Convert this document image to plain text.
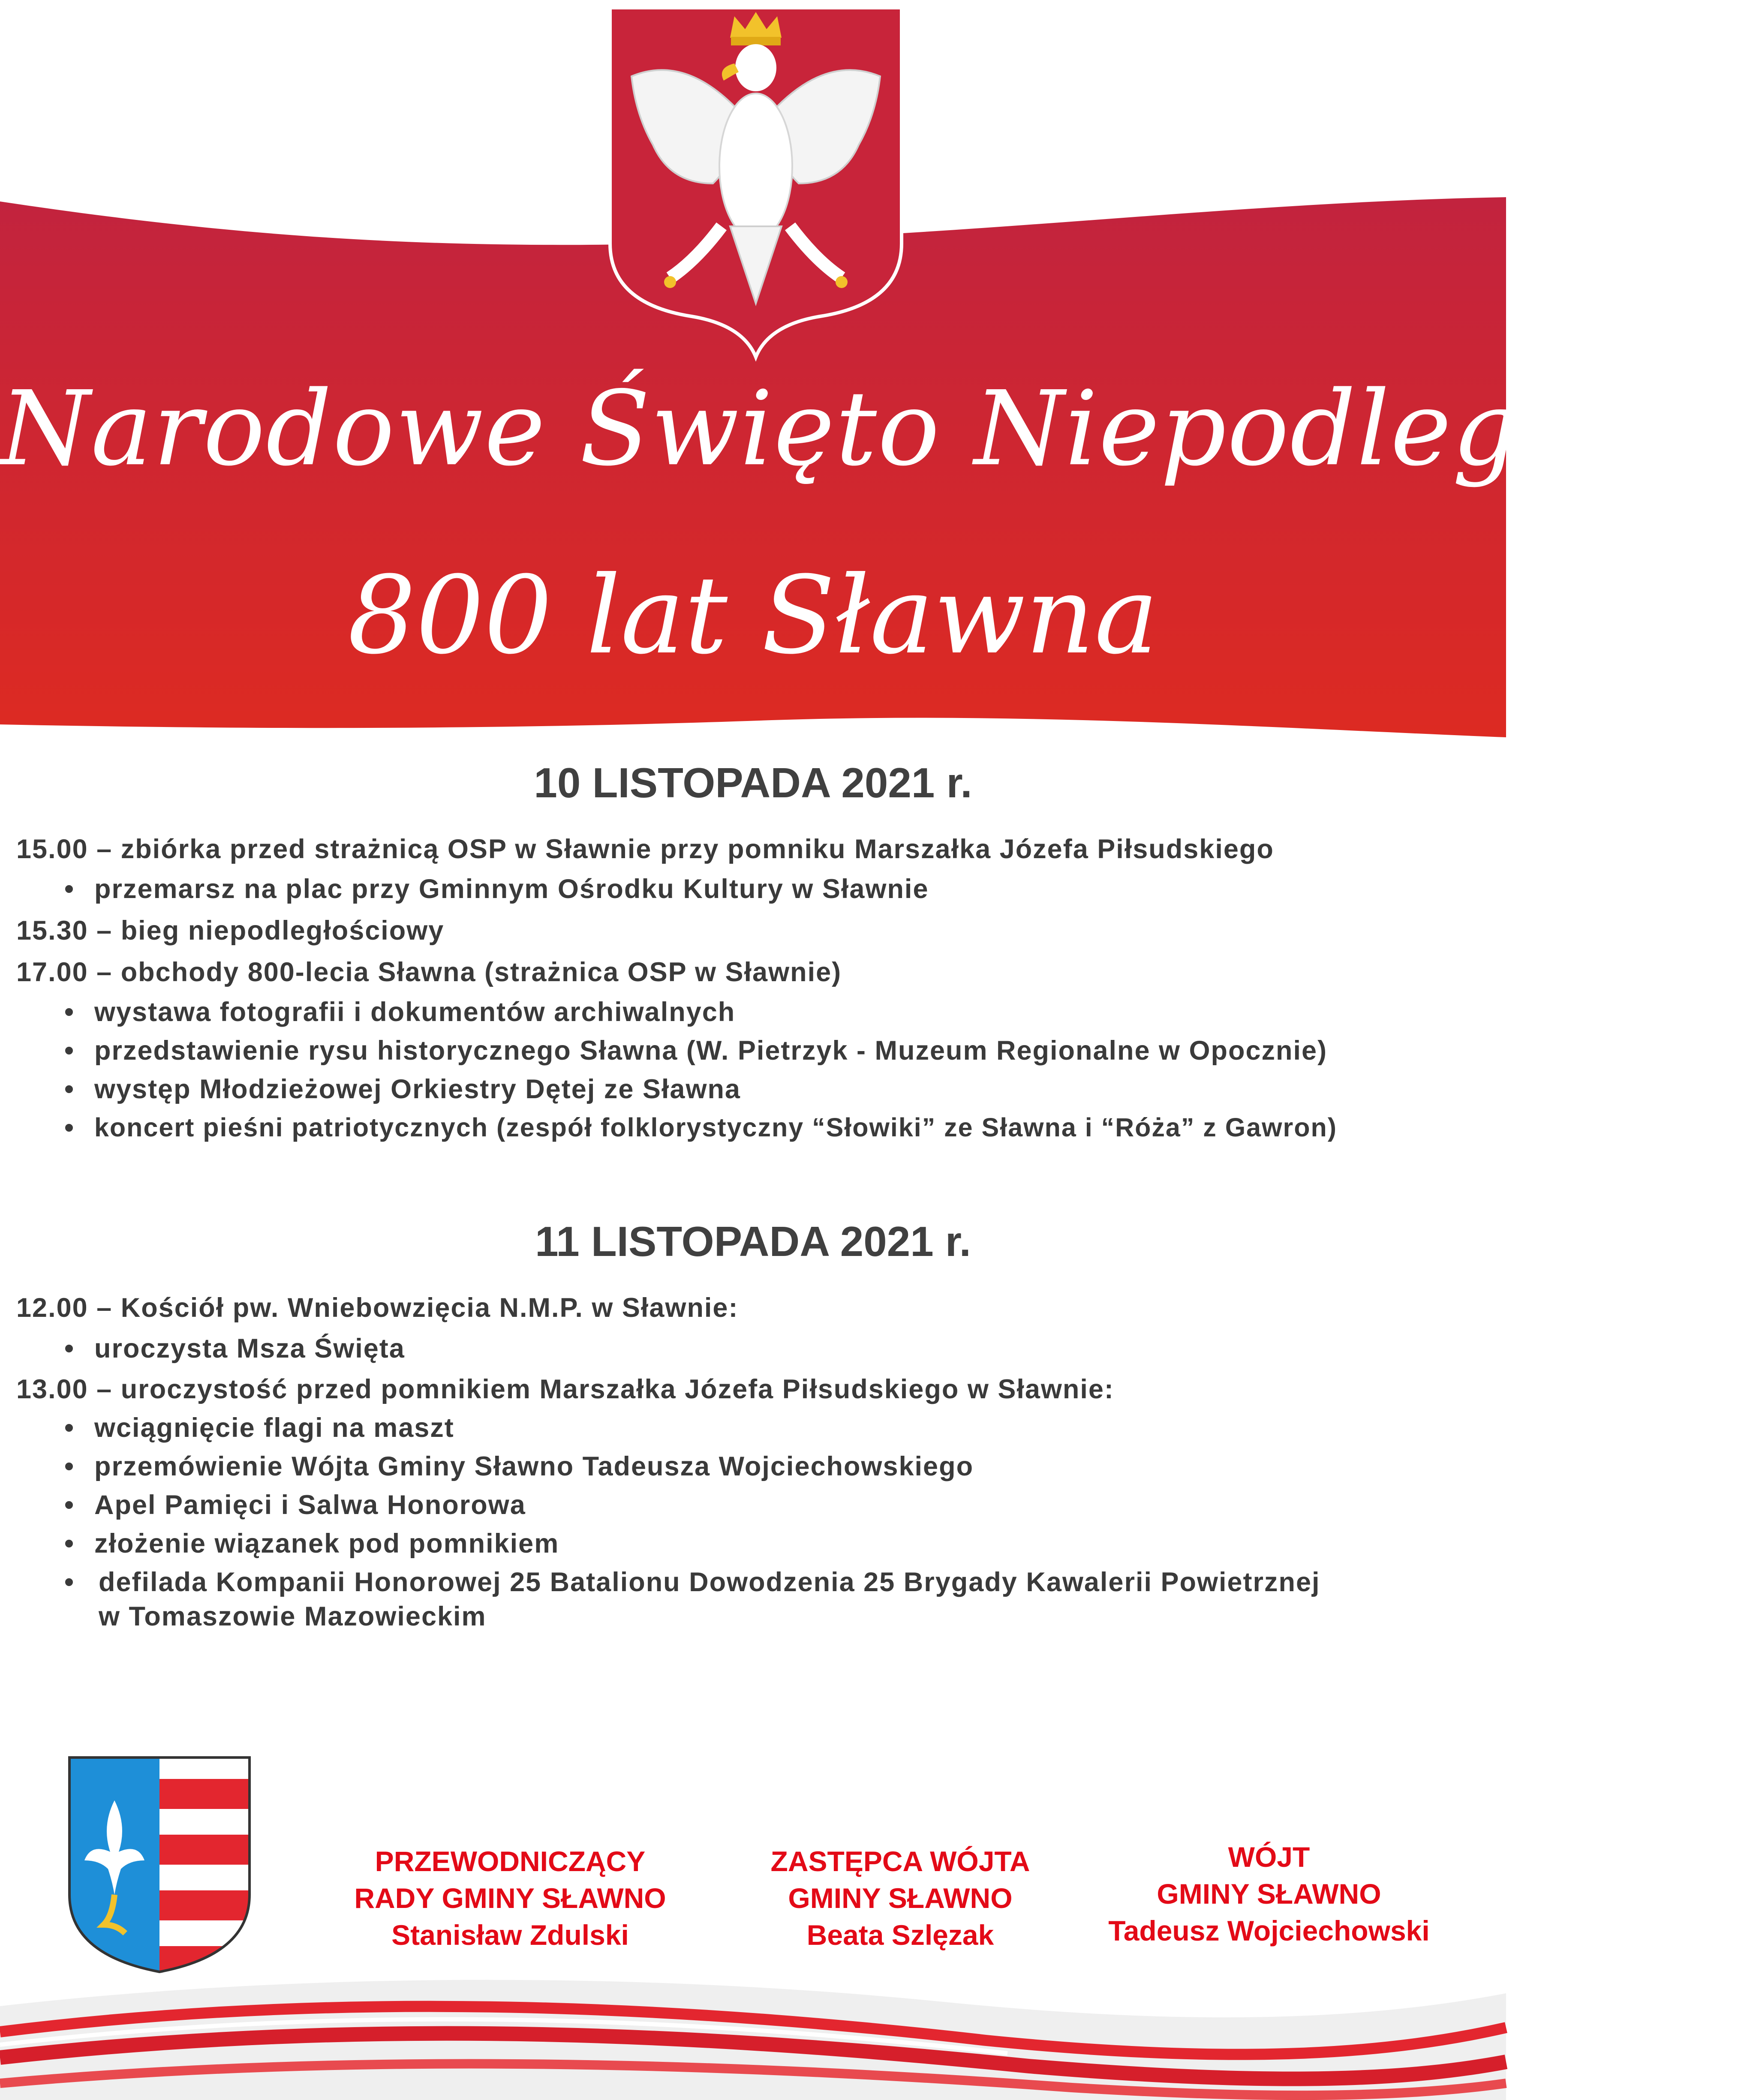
Narodowe Święto Niepodległości
800 lat Sławna
10 LISTOPADA 2021 r.
15.00 – zbiórka przed strażnicą OSP w Sławnie przy pomniku Marszałka Józefa Piłsudskiego
• przemarsz na plac przy Gminnym Ośrodku Kultury w Sławnie
15.30 – bieg niepodległościowy
17.00 – obchody 800-lecia Sławna (strażnica OSP w Sławnie)
• wystawa fotografii i dokumentów archiwalnych
• przedstawienie rysu historycznego Sławna (W. Pietrzyk - Muzeum Regionalne w Opocznie)
• występ Młodzieżowej Orkiestry Dętej ze Sławna
• koncert pieśni patriotycznych (zespół folklorystyczny “Słowiki” ze Sławna i “Róża” z Gawron)
11 LISTOPADA 2021 r.
12.00 – Kościół pw. Wniebowzięcia N.M.P. w Sławnie:
• uroczysta Msza Święta
13.00 – uroczystość przed pomnikiem Marszałka Józefa Piłsudskiego w Sławnie:
• wciągnięcie flagi na maszt
• przemówienie Wójta Gminy Sławno Tadeusza Wojciechowskiego
• Apel Pamięci i Salwa Honorowa
• złożenie wiązanek pod pomnikiem
• defilada Kompanii Honorowej 25 Batalionu Dowodzenia 25 Brygady Kawalerii Powietrznej
w Tomaszowie Mazowieckim
PRZEWODNICZĄCY
RADY GMINY SŁAWNO
Stanisław Zdulski
ZASTĘPCA WÓJTA
GMINY SŁAWNO
Beata Szlęzak
WÓJT
GMINY SŁAWNO
Tadeusz Wojciechowski
